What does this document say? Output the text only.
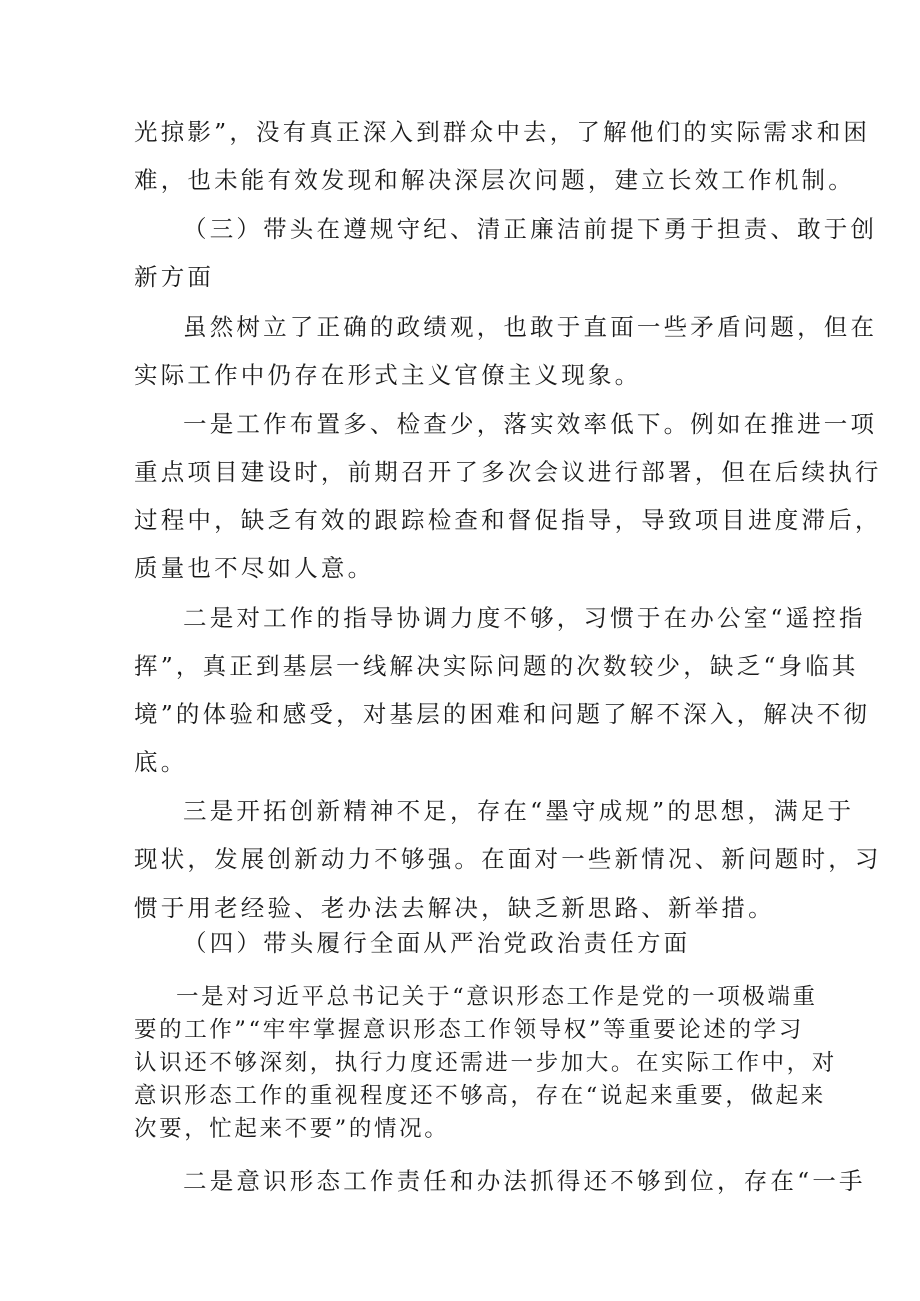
光掠影”，没有真正深入到群众中去，了解他们的实际需求和困
难，也未能有效发现和解决深层次问题，建立长效工作机制。
（三）带头在遵规守纪、清正廉洁前提下勇于担责、敢于创
新方面
虽然树立了正确的政绩观，也敢于直面一些矛盾问题，但在
实际工作中仍存在形式主义官僚主义现象。
一是工作布置多、检查少，落实效率低下。例如在推进一项
重点项目建设时，前期召开了多次会议进行部署，但在后续执行
过程中，缺乏有效的跟踪检查和督促指导，导致项目进度滞后，
质量也不尽如人意。
二是对工作的指导协调力度不够，习惯于在办公室“遥控指
挥”，真正到基层一线解决实际问题的次数较少，缺乏“身临其
境”的体验和感受，对基层的困难和问题了解不深入，解决不彻
底。
三是开拓创新精神不足，存在“墨守成规”的思想，满足于
现状，发展创新动力不够强。在面对一些新情况、新问题时，习
惯于用老经验、老办法去解决，缺乏新思路、新举措。
（四）带头履行全面从严治党政治责任方面
一是对习近平总书记关于“意识形态工作是党的一项极端重
要的工作”“牢牢掌握意识形态工作领导权”等重要论述的学习
认识还不够深刻，执行力度还需进一步加大。在实际工作中，对
意识形态工作的重视程度还不够高，存在“说起来重要，做起来
次要，忙起来不要”的情况。
二是意识形态工作责任和办法抓得还不够到位，存在“一手
